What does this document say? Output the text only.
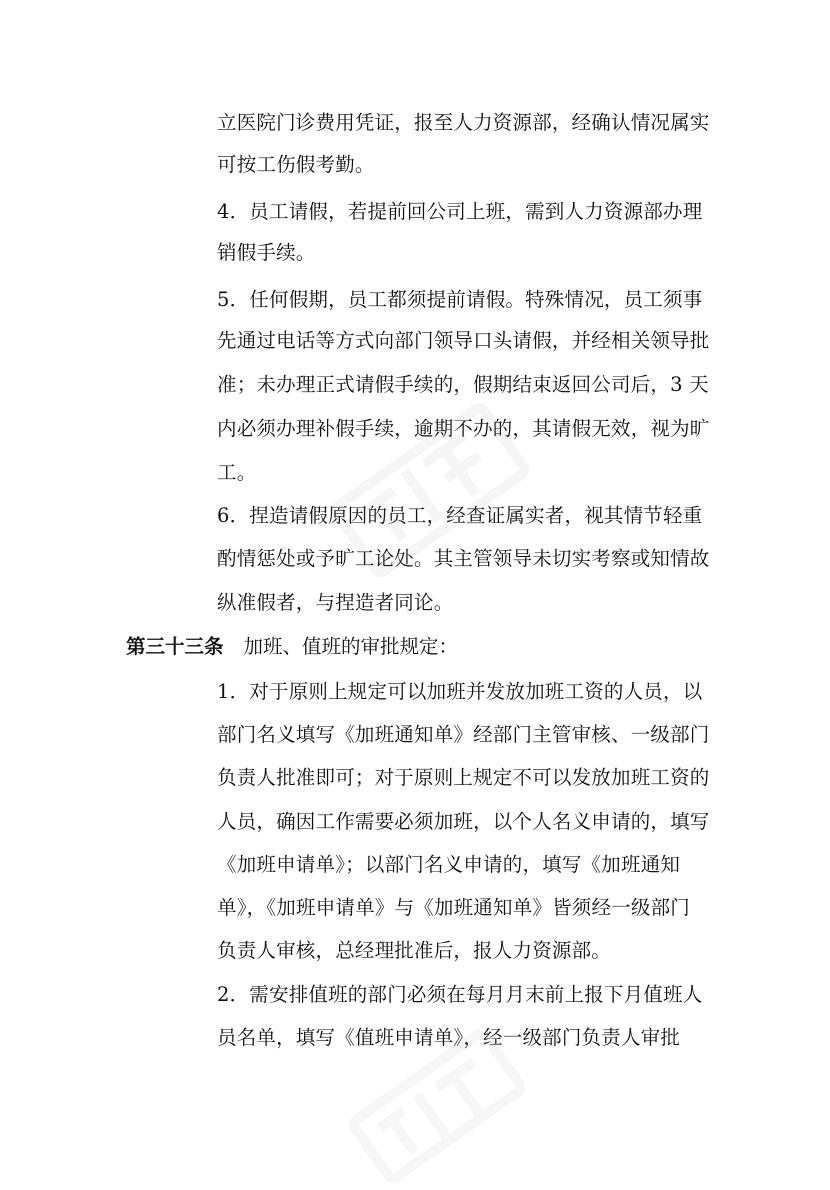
立医院门诊费用凭证，报至人力资源部，经确认情况属实
可按工伤假考勤。
4．员工请假，若提前回公司上班，需到人力资源部办理
销假手续。
5．任何假期，员工都须提前请假。特殊情况，员工须事
先通过电话等方式向部门领导口头请假，并经相关领导批
准；未办理正式请假手续的，假期结束返回公司后，3 天
内必须办理补假手续，逾期不办的，其请假无效，视为旷
工。
6．捏造请假原因的员工，经查证属实者，视其情节轻重
酌情惩处或予旷工论处。其主管领导未切实考察或知情故
纵准假者，与捏造者同论。
第三十三条 加班、值班的审批规定：
1．对于原则上规定可以加班并发放加班工资的人员，以
部门名义填写《加班通知单》经部门主管审核、一级部门
负责人批准即可；对于原则上规定不可以发放加班工资的
人员，确因工作需要必须加班，以个人名义申请的，填写
《加班申请单》；以部门名义申请的，填写《加班通知
单》，《加班申请单》与《加班通知单》皆须经一级部门
负责人审核，总经理批准后，报人力资源部。
2．需安排值班的部门必须在每月月末前上报下月值班人
员名单，填写《值班申请单》，经一级部门负责人审批
